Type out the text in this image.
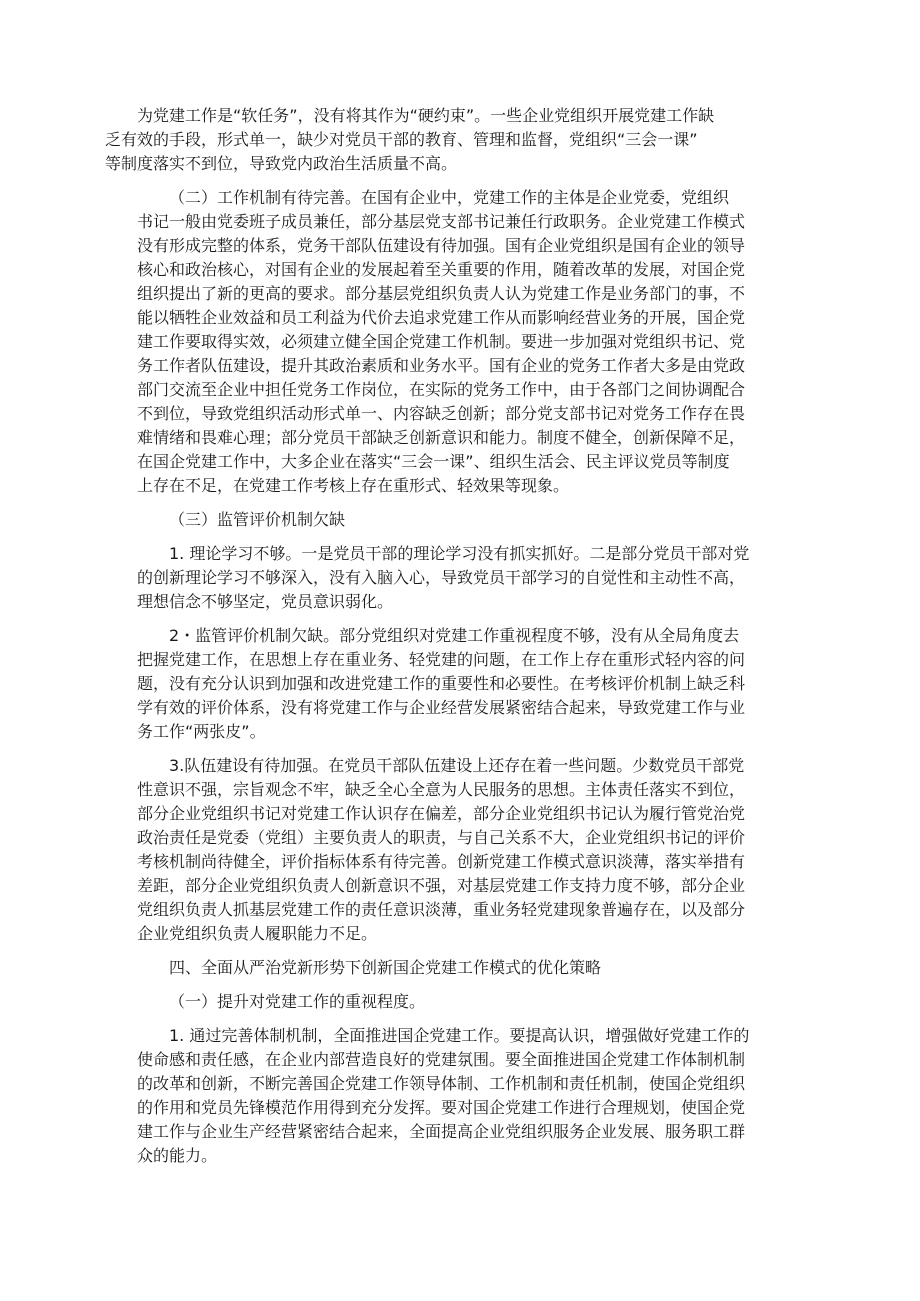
为党建工作是“软任务”，没有将其作为“硬约束”。一些企业党组织开展党建工作缺
乏有效的手段，形式单一，缺少对党员干部的教育、管理和监督，党组织“三会一课”
等制度落实不到位，导致党内政治生活质量不高。
（二）工作机制有待完善。在国有企业中，党建工作的主体是企业党委，党组织
书记一般由党委班子成员兼任，部分基层党支部书记兼任行政职务。企业党建工作模式
没有形成完整的体系，党务干部队伍建设有待加强。国有企业党组织是国有企业的领导
核心和政治核心，对国有企业的发展起着至关重要的作用，随着改革的发展，对国企党
组织提出了新的更高的要求。部分基层党组织负责人认为党建工作是业务部门的事，不
能以牺牲企业效益和员工利益为代价去追求党建工作从而影响经营业务的开展，国企党
建工作要取得实效，必须建立健全国企党建工作机制。要进一步加强对党组织书记、党
务工作者队伍建设，提升其政治素质和业务水平。国有企业的党务工作者大多是由党政
部门交流至企业中担任党务工作岗位，在实际的党务工作中，由于各部门之间协调配合
不到位，导致党组织活动形式单一、内容缺乏创新；部分党支部书记对党务工作存在畏
难情绪和畏难心理；部分党员干部缺乏创新意识和能力。制度不健全，创新保障不足，
在国企党建工作中，大多企业在落实“三会一课”、组织生活会、民主评议党员等制度
上存在不足，在党建工作考核上存在重形式、轻效果等现象。
（三）监管评价机制欠缺
1. 理论学习不够。一是党员干部的理论学习没有抓实抓好。二是部分党员干部对党
的创新理论学习不够深入，没有入脑入心，导致党员干部学习的自觉性和主动性不高，
理想信念不够坚定，党员意识弱化。
2・监管评价机制欠缺。部分党组织对党建工作重视程度不够，没有从全局角度去
把握党建工作，在思想上存在重业务、轻党建的问题，在工作上存在重形式轻内容的问
题，没有充分认识到加强和改进党建工作的重要性和必要性。在考核评价机制上缺乏科
学有效的评价体系，没有将党建工作与企业经营发展紧密结合起来，导致党建工作与业
务工作“两张皮”。
3.队伍建设有待加强。在党员干部队伍建设上还存在着一些问题。少数党员干部党
性意识不强，宗旨观念不牢，缺乏全心全意为人民服务的思想。主体责任落实不到位，
部分企业党组织书记对党建工作认识存在偏差，部分企业党组织书记认为履行管党治党
政治责任是党委（党组）主要负责人的职责，与自己关系不大，企业党组织书记的评价
考核机制尚待健全，评价指标体系有待完善。创新党建工作模式意识淡薄，落实举措有
差距，部分企业党组织负责人创新意识不强，对基层党建工作支持力度不够，部分企业
党组织负责人抓基层党建工作的责任意识淡薄，重业务轻党建现象普遍存在，以及部分
企业党组织负责人履职能力不足。
四、全面从严治党新形势下创新国企党建工作模式的优化策略
（一）提升对党建工作的重视程度。
1. 通过完善体制机制，全面推进国企党建工作。要提高认识，增强做好党建工作的
使命感和责任感，在企业内部营造良好的党建氛围。要全面推进国企党建工作体制机制
的改革和创新，不断完善国企党建工作领导体制、工作机制和责任机制，使国企党组织
的作用和党员先锋模范作用得到充分发挥。要对国企党建工作进行合理规划，使国企党
建工作与企业生产经营紧密结合起来，全面提高企业党组织服务企业发展、服务职工群
众的能力。
